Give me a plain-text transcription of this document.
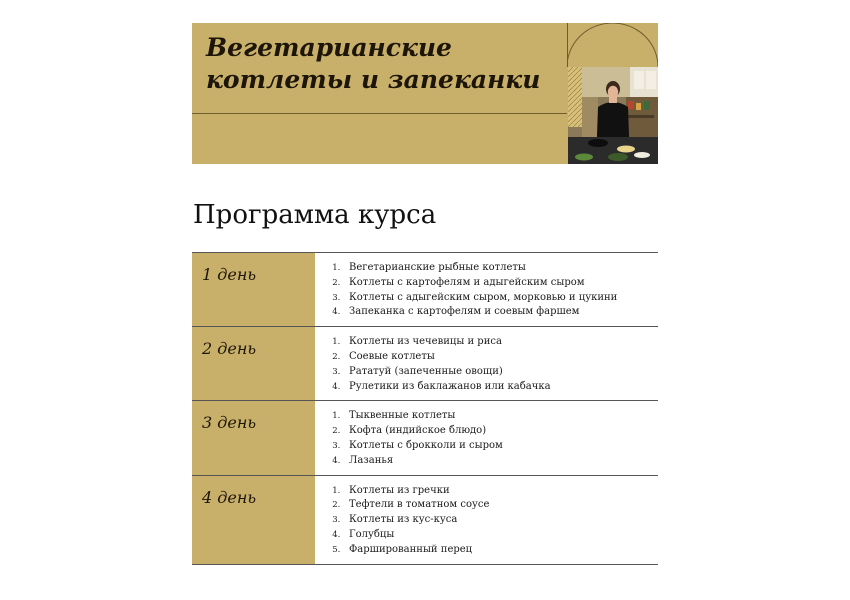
Вегетарианские котлеты и запеканки
Программа курса
1 день	1. Вегетарианские рыбные котлеты
2. Котлеты с картофелям и адыгейским сыром
3. Котлеты с адыгейским сыром, морковью и цукини
4. Запеканка с картофелям и соевым фаршем
2 день	1. Котлеты из чечевицы и риса
2. Соевые котлеты
3. Рататуй (запеченные овощи)
4. Рулетики из баклажанов или кабачка
3 день	1. Тыквенные котлеты
2. Кофта (индийское блюдо)
3. Котлеты с брокколи и сыром
4. Лазанья
4 день	1. Котлеты из гречки
2. Тефтели в томатном соусе
3. Котлеты из кус-куса
4. Голубцы
5. Фаршированный перец
